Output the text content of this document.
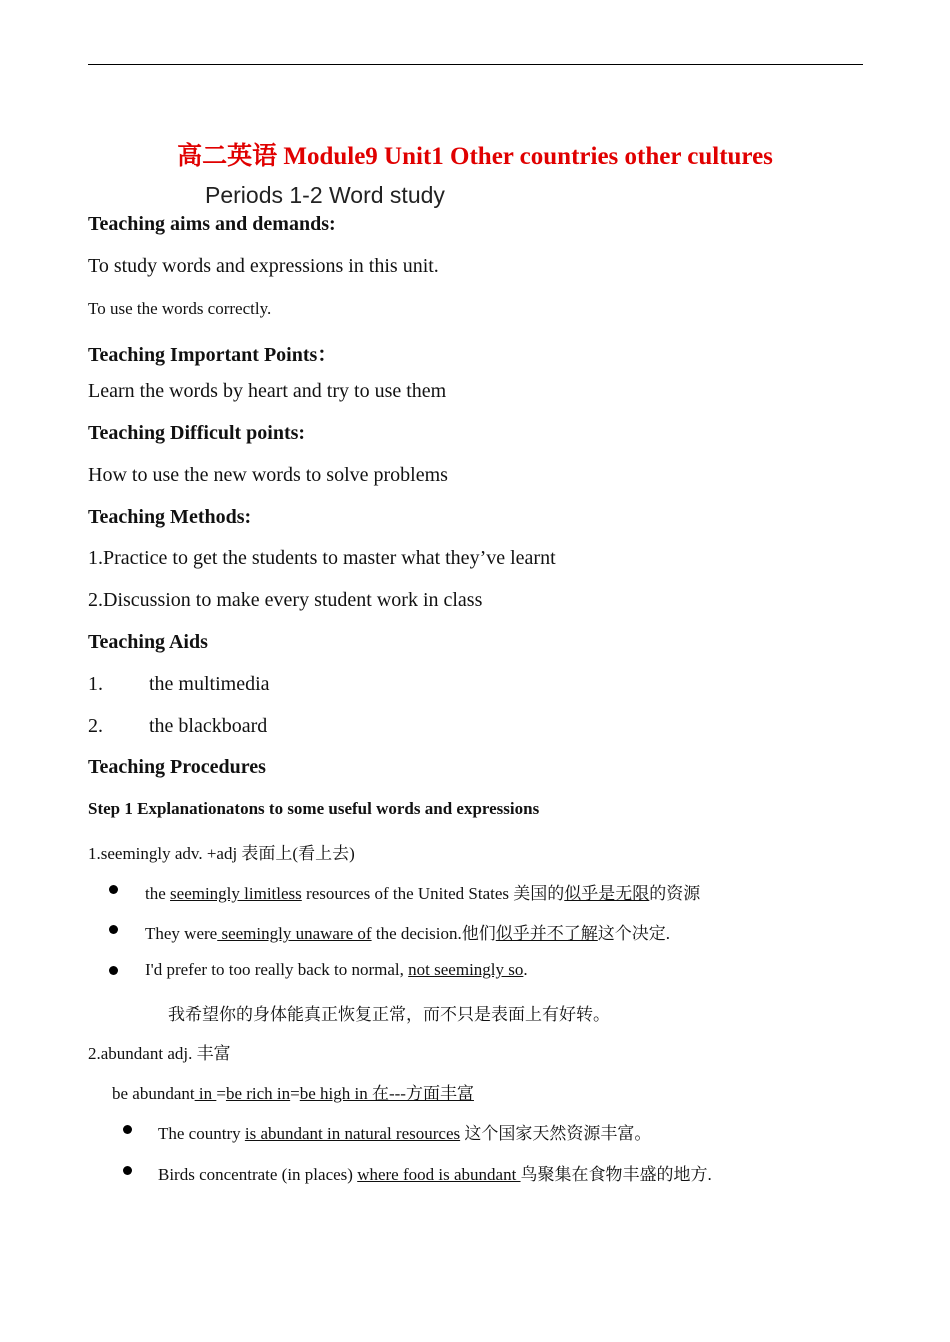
高二英语 Module9 Unit1 Other countries other cultures
Periods 1-2 Word study
Teaching aims and demands:
To study words and expressions in this unit.
To use the words correctly.
Teaching Important Points：
Learn the words by heart and try to use them
Teaching Difficult points:
How to use the new words to solve problems
Teaching Methods:
1.Practice to get the students to master what they’ve learnt
2.Discussion to make every student work in class
Teaching Aids
1. the multimedia
2. the blackboard
Teaching Procedures
Step 1 Explanationatons to some useful words and expressions
1.seemingly adv. +adj 表面上(看上去)
the seemingly limitless resources of the United States 美国的似乎是无限的资源
They were seemingly unaware of the decision.他们似乎并不了解这个决定.
I'd prefer to too really back to normal, not seemingly so.
我希望你的身体能真正恢复正常，而不只是表面上有好转。
2.abundant adj. 丰富
be abundant in =be rich in=be high in 在---方面丰富
The country is abundant in natural resources 这个国家天然资源丰富。
Birds concentrate (in places) where food is abundant 鸟聚集在食物丰盛的地方.
